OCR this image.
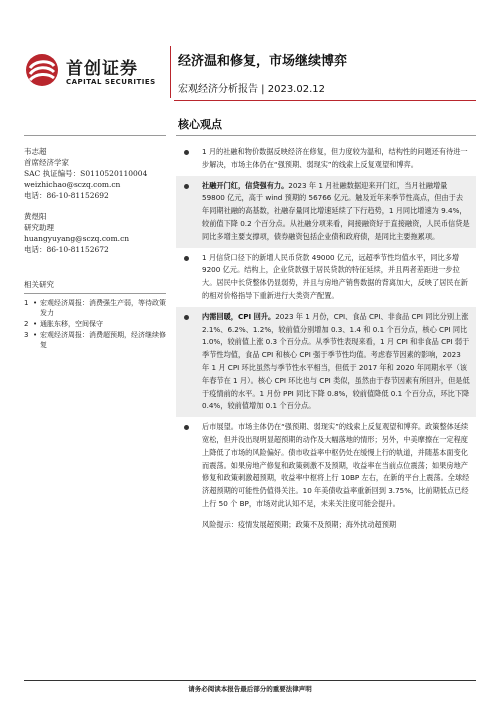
首创证券
CAPITAL SECURITIES
经济温和修复，市场继续博弈
宏观经济分析报告 | 2023.02.12
核心观点
韦志超
首席经济学家
SAC 执证编号：S0110520110004
weizhichao@sczq.com.cn
电话：86-10-81152692
黄煜阳
研究助理
huangyuyang@sczq.com.cn
电话：86-10-81152672
相关研究
1 • 宏观经济周报：消费强生产弱，等待政策发力
2 • 通胀东移，空间保守
3 • 宏观经济周报：消费超预期，经济继续修复
1 月的社融和物价数据反映经济在修复，但力度较为温和，结构性的问题还有待进一步解决，市场主体仍在“强预期、弱现实”的线索上反复观望和博弈。
社融开门红，信贷强有力。2023 年 1 月社融数据迎来开门红，当月社融增量 59800 亿元，高于 wind 预期的 56766 亿元。触及近年来季节性高点，但由于去年同期社融的高基数，社融存量同比增速延续了下行趋势，1 月同比增速为 9.4%，较前值下降 0.2 个百分点。从社融分项来看，间接融资好于直接融资，人民币信贷是同比多增主要支撑项，债券融资包括企业债和政府债，是同比主要拖累项。
1 月信贷口径下的新增人民币贷款 49000 亿元，远超季节性均值水平，同比多增 9200 亿元。结构上，企业贷款强于居民贷款的特征延续，并且两者差距进一步拉大。居民中长贷整体仍显弱势，并且与房地产销售数据的背离加大，反映了居民在新的相对价格指导下重新进行大类资产配置。
内需回暖，CPI 回升。2023 年 1 月份，CPI、食品 CPI、非食品 CPI 同比分别上涨 2.1%、6.2%、1.2%，较前值分别增加 0.3、1.4 和 0.1 个百分点，核心 CPI 同比 1.0%，较前值上涨 0.3 个百分点。从季节性表现来看，1 月 CPI 和非食品 CPI 弱于季节性均值，食品 CPI 和核心 CPI 强于季节性均值。考虑春节因素的影响，2023 年 1 月 CPI 环比虽然与季节性水平相当，但低于 2017 年和 2020 年同期水平（该年春节在 1 月）。核心 CPI 环比也与 CPI 类似，虽然由于春节因素有所回升，但是低于疫情前的水平。1 月份 PPI 同比下降 0.8%，较前值降低 0.1 个百分点，环比下降 0.4%，较前值增加 0.1 个百分点。
后市展望。市场主体仍在“强预期、弱现实”的线索上反复观望和博弈。政策整体延续宽松，但并没出现明显超预期的动作及大幅落地的情形；另外，中美摩擦在一定程度上降低了市场的风险偏好。债市收益率中枢仍处在缓慢上行的轨道，并随基本面变化而震荡。如果房地产修复和政策刺激不及预期，收益率在当前点位震荡；如果房地产修复和政策刺激超预期，收益率中枢将上行 10BP 左右，在新的平台上震荡。全球经济超预期的可能性仍值得关注。10 年美债收益率重新回到 3.75%，比前期低点已经上行 50 个 BP，市场对此认知不足，未来关注度可能会提升。
风险提示：疫情发展超预期；政策不及预期；海外扰动超预期
请务必阅读本报告最后部分的重要法律声明
